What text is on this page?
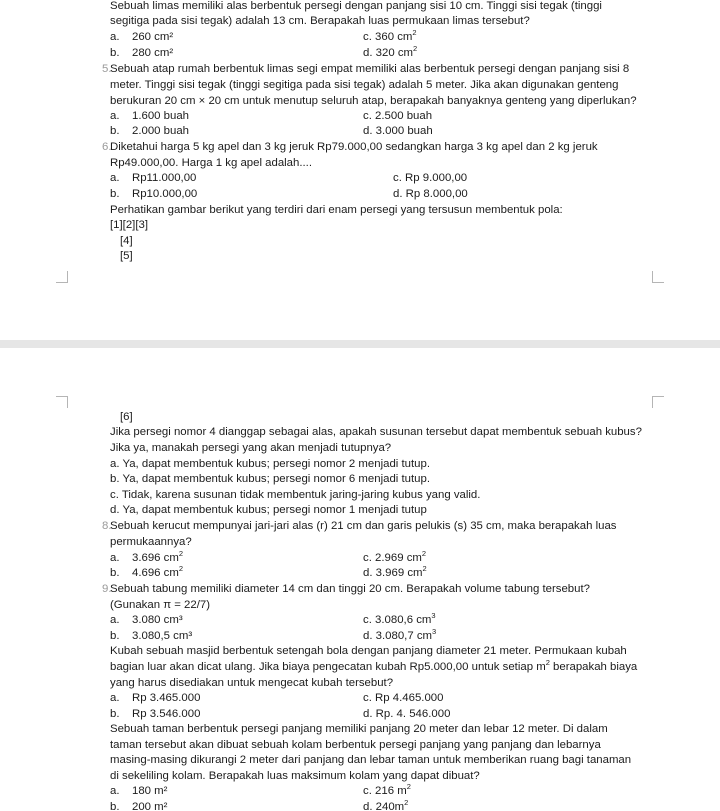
Sebuah limas memiliki alas berbentuk persegi dengan panjang sisi 10 cm. Tinggi sisi tegak (tinggi
segitiga pada sisi tegak) adalah 13 cm. Berapakah luas permukaan limas tersebut?
a. 260 cm²	c. 360 $cm^2$
b. 280 cm²	d. 320 $cm^2$
5.
Sebuah atap rumah berbentuk limas segi empat memiliki alas berbentuk persegi dengan panjang sisi 8
meter. Tinggi sisi tegak (tinggi segitiga pada sisi tegak) adalah 5 meter. Jika akan digunakan genteng
berukuran 20 cm × 20 cm untuk menutup seluruh atap, berapakah banyaknya genteng yang diperlukan?
a. 1.600 buah	c. 2.500 buah
b. 2.000 buah	d. 3.000 buah
6.
Diketahui harga 5 kg apel dan 3 kg jeruk Rp79.000,00 sedangkan harga 3 kg apel dan 2 kg jeruk
Rp49.000,00. Harga 1 kg apel adalah....
a. Rp11.000,00	c. Rp 9.000,00
b. Rp10.000,00	d. Rp 8.000,00
Perhatikan gambar berikut yang terdiri dari enam persegi yang tersusun membentuk pola:
[1][2][3]
[4]
[5]
[6]
Jika persegi nomor 4 dianggap sebagai alas, apakah susunan tersebut dapat membentuk sebuah kubus?
Jika ya, manakah persegi yang akan menjadi tutupnya?
a. Ya, dapat membentuk kubus; persegi nomor 2 menjadi tutup.
b. Ya, dapat membentuk kubus; persegi nomor 6 menjadi tutup.
c. Tidak, karena susunan tidak membentuk jaring-jaring kubus yang valid.
d. Ya, dapat membentuk kubus; persegi nomor 1 menjadi tutup
8.
Sebuah kerucut mempunyai jari-jari alas (r) 21 cm dan garis pelukis (s) 35 cm, maka berapakah luas
permukaannya?
a. 3.696 $cm^2$	c. 2.969 $cm^2$
b. 4.696 $cm^2$	d. 3.969 $cm^2$
9.
Sebuah tabung memiliki diameter 14 cm dan tinggi 20 cm. Berapakah volume tabung tersebut?
(Gunakan π = 22/7)
a. 3.080 cm³	c. 3.080,6 $cm^3$
b. 3.080,5 cm³	d. 3.080,7 $cm^3$
Kubah sebuah masjid berbentuk setengah bola dengan panjang diameter 21 meter. Permukaan kubah
bagian luar akan dicat ulang. Jika biaya pengecatan kubah Rp5.000,00 untuk setiap $m^2$ berapakah biaya
yang harus disediakan untuk mengecat kubah tersebut?
a. Rp 3.465.000	c. Rp 4.465.000
b. Rp 3.546.000	d. Rp. 4. 546.000
Sebuah taman berbentuk persegi panjang memiliki panjang 20 meter dan lebar 12 meter. Di dalam
taman tersebut akan dibuat sebuah kolam berbentuk persegi panjang yang panjang dan lebarnya
masing-masing dikurangi 2 meter dari panjang dan lebar taman untuk memberikan ruang bagi tanaman
di sekeliling kolam. Berapakah luas maksimum kolam yang dapat dibuat?
a. 180 m²	c. 216 $m^2$
b. 200 m²	d. $240m^2$
